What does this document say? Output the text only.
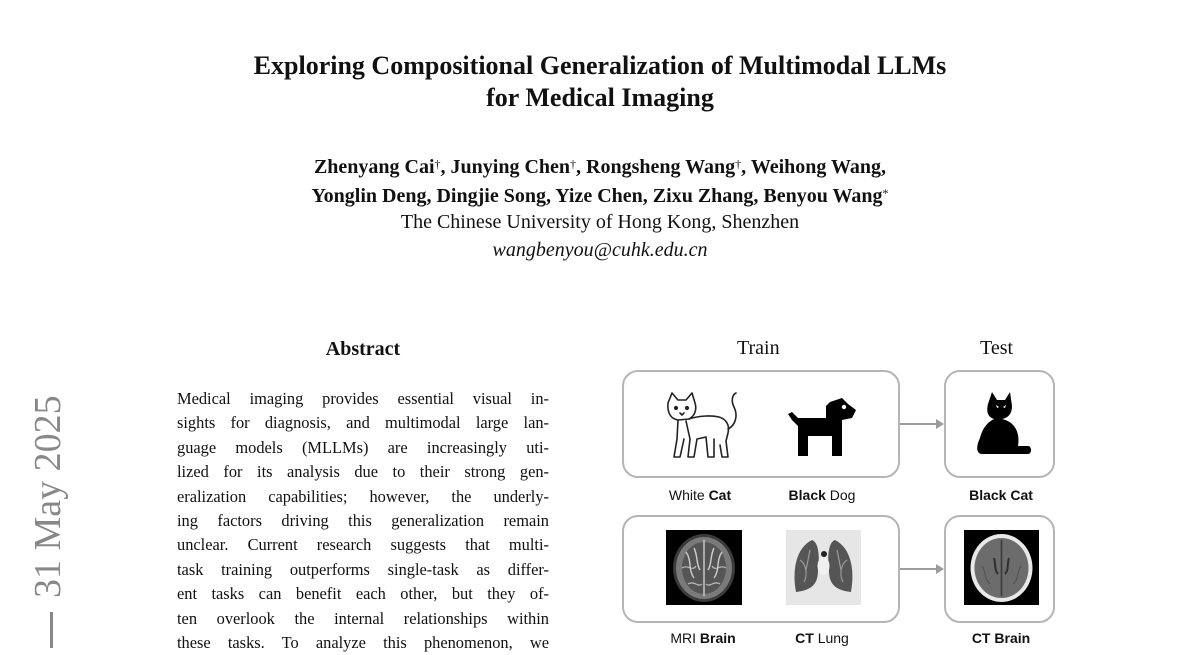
Exploring Compositional Generalization of Multimodal LLMs
for Medical Imaging
Zhenyang Cai†, Junying Chen†, Rongsheng Wang†, Weihong Wang,
Yonglin Deng, Dingjie Song, Yize Chen, Zixu Zhang, Benyou Wang*
The Chinese University of Hong Kong, Shenzhen
wangbenyou@cuhk.edu.cn
31 May 2025
Abstract
Medical imaging provides essential visual in-
sights for diagnosis, and multimodal large lan-
guage models (MLLMs) are increasingly uti-
lized for its analysis due to their strong gen-
eralization capabilities; however, the underly-
ing factors driving this generalization remain
unclear. Current research suggests that multi-
task training outperforms single-task as differ-
ent tasks can benefit each other, but they of-
ten overlook the internal relationships within
these tasks. To analyze this phenomenon, we
Train	Test
White Cat	Black Dog	Black Cat
MRI Brain	CT Lung	CT Brain
